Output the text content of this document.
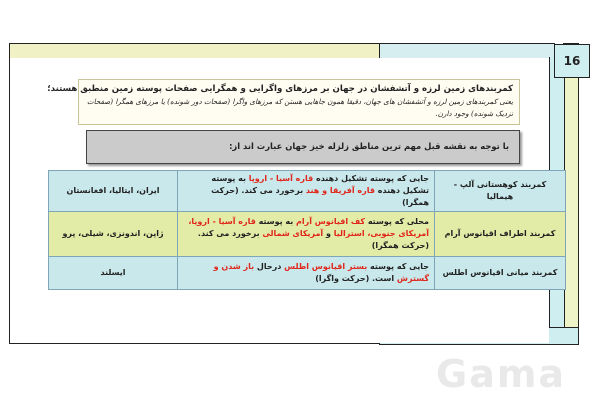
16
کمربندهای زمین لرزه و آتشفشان در جهان بر مرزهای واگرایی و همگرایی صفحات پوسته زمین منطبق هستند؛
یعنی کمربندهای زمین لرزه و آتشفشان های جهان، دقیقا همون جاهایی هستن که مرزهای واگرا (صفحات دور شونده) یا مرزهای همگرا (صفحات نزدیک شونده) وجود دارن.
با توجه به نقشه قبل مهم ترین مناطق زلزله خیز جهان عبارت اند از:
کمربند کوهستانی آلپ - هیمالیا	جایی که پوسته تشکیل دهنده قاره آسیا - اروپا به پوسته تشکیل دهنده قاره آفریقا و هند برخورد می کند. (حرکت همگرا)	ایران، ایتالیا، افغانستان
کمربند اطراف اقیانوس آرام	محلی که پوسته کف اقیانوس آرام به پوسته قاره آسیا - اروپا، آمریکای جنوبی، استرالیا و آمریکای شمالی برخورد می کند. (حرکت همگرا)	ژاپن، اندونزی، شیلی، پرو
کمربند میانی اقیانوس اطلس	جایی که پوسته بستر اقیانوس اطلس درحال باز شدن و گسترش است. (حرکت واگرا)	ایسلند
Gama
